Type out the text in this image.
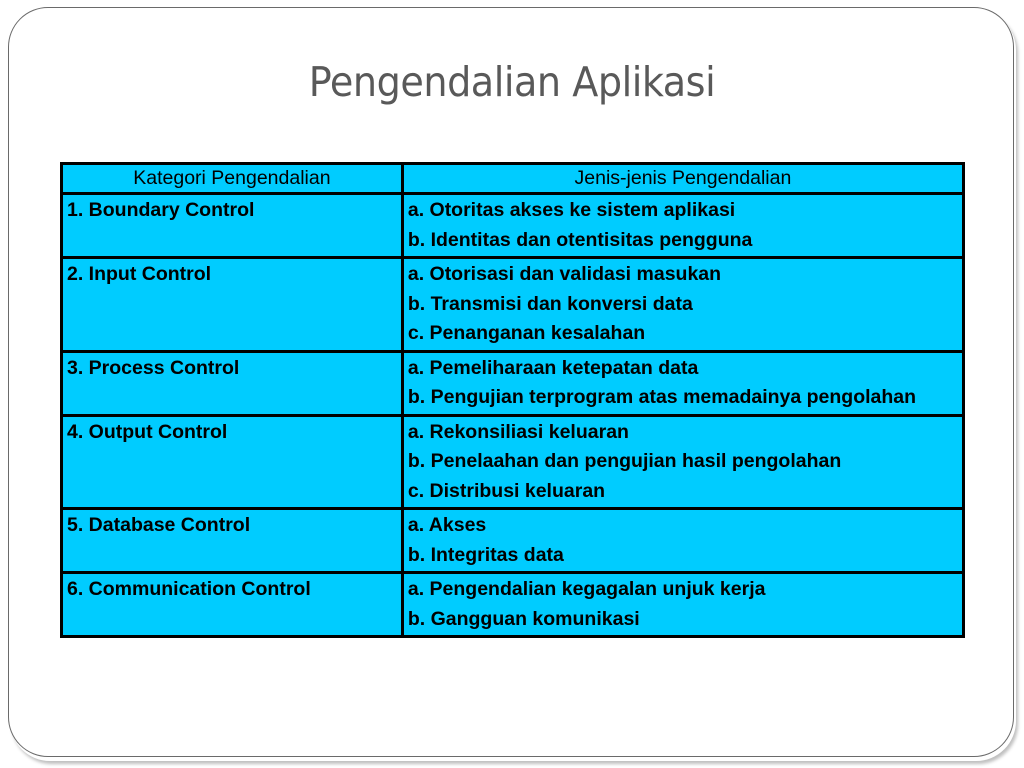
Pengendalian Aplikasi
Kategori Pengendalian	Jenis-jenis Pengendalian
1. Boundary Control	a. Otoritas akses ke sistem aplikasi
b. Identitas dan otentisitas pengguna

2. Input Control	a. Otorisasi dan validasi masukan
b. Transmisi dan konversi data
c. Penanganan kesalahan

3. Process Control	a. Pemeliharaan ketepatan data
b. Pengujian terprogram atas memadainya pengolahan

4. Output Control	a. Rekonsiliasi keluaran
b. Penelaahan dan pengujian hasil pengolahan
c. Distribusi keluaran

5. Database Control	a. Akses
b. Integritas data

6. Communication Control	a. Pengendalian kegagalan unjuk kerja
b. Gangguan komunikasi
